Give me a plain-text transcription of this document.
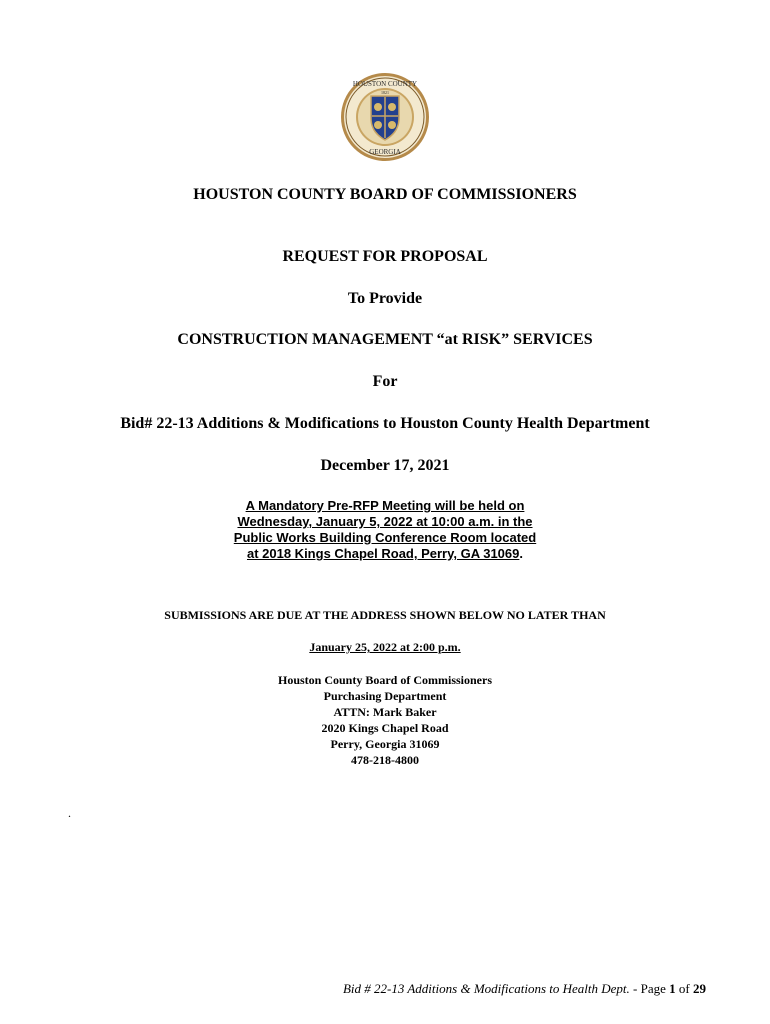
HOUSTON COUNTY
GEORGIA
1821
HOUSTON COUNTY BOARD OF COMMISSIONERS
REQUEST FOR PROPOSAL
To Provide
CONSTRUCTION MANAGEMENT “at RISK” SERVICES
For
Bid# 22-13 Additions & Modifications to Houston County Health Department
December 17, 2021
A Mandatory Pre-RFP Meeting will be held on
Wednesday, January 5, 2022 at 10:00 a.m. in the
Public Works Building Conference Room located
at 2018 Kings Chapel Road, Perry, GA 31069.
SUBMISSIONS ARE DUE AT THE ADDRESS SHOWN BELOW NO LATER THAN
January 25, 2022 at 2:00 p.m.
Houston County Board of Commissioners
Purchasing Department
ATTN: Mark Baker
2020 Kings Chapel Road
Perry, Georgia 31069
478-218-4800
.
Bid # 22-13 Additions & Modifications to Health Dept. - Page 1 of 29
